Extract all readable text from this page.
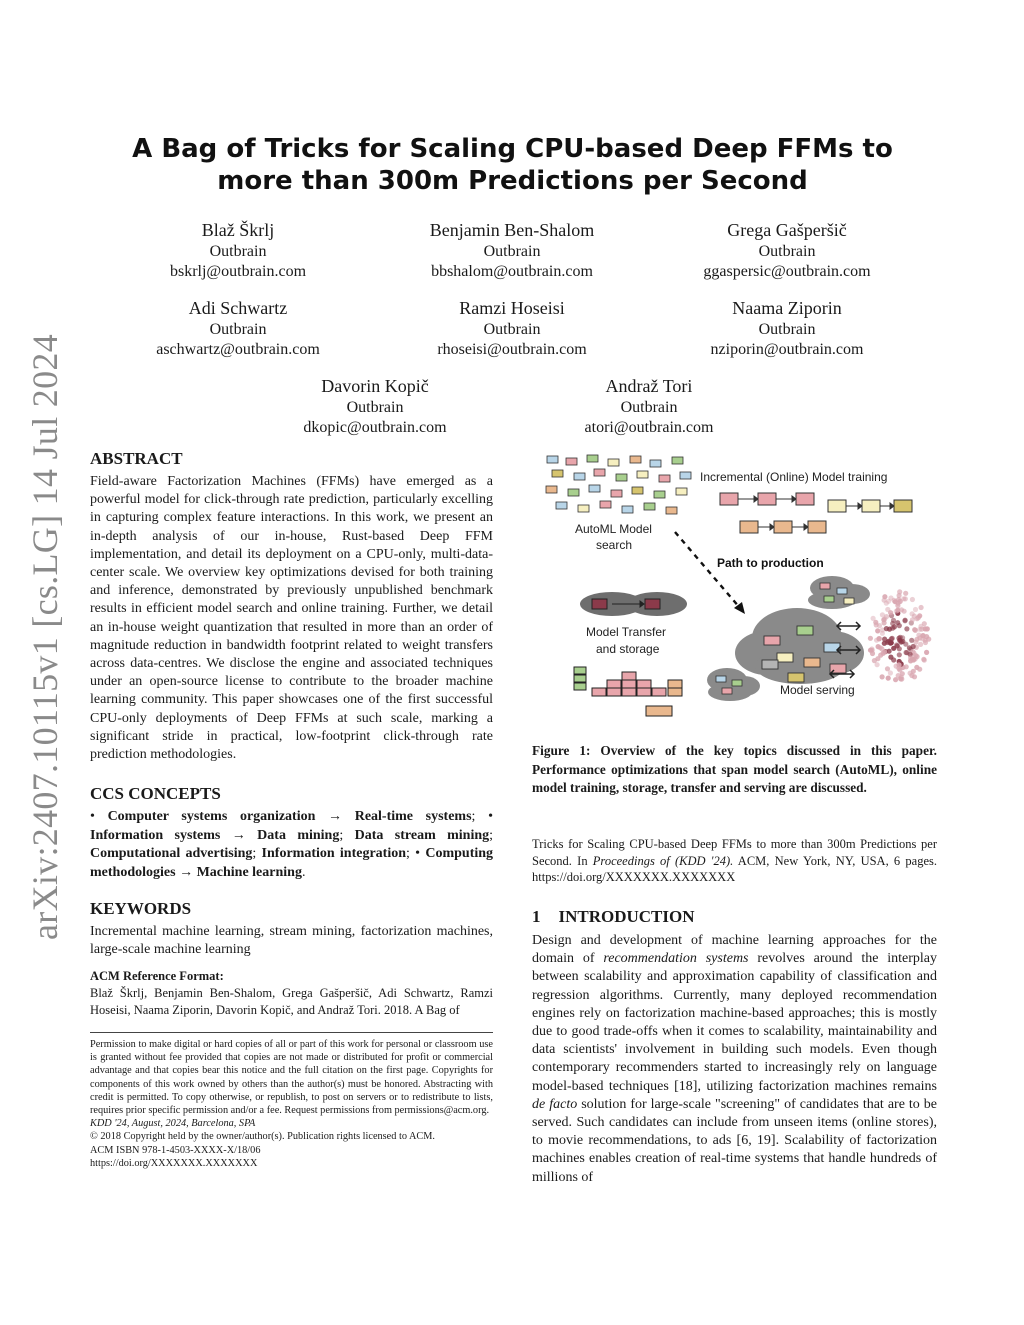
arXiv:2407.10115v1 [cs.LG] 14 Jul 2024
A Bag of Tricks for Scaling CPU-based Deep FFMs to
more than 300m Predictions per Second
Blaž Škrlj
Outbrain
bskrlj@outbrain.com
Benjamin Ben-Shalom
Outbrain
bbshalom@outbrain.com
Grega Gašperšič
Outbrain
ggaspersic@outbrain.com
Adi Schwartz
Outbrain
aschwartz@outbrain.com
Ramzi Hoseisi
Outbrain
rhoseisi@outbrain.com
Naama Ziporin
Outbrain
nziporin@outbrain.com
Davorin Kopič
Outbrain
dkopic@outbrain.com
Andraž Tori
Outbrain
atori@outbrain.com
ABSTRACT
Field-aware Factorization Machines (FFMs) have emerged as a powerful model for click-through rate prediction, particularly excelling in capturing complex feature interactions. In this work, we present an in-depth analysis of our in-house, Rust-based Deep FFM implementation, and detail its deployment on a CPU-only, multi-data-center scale. We overview key optimizations devised for both training and inference, demonstrated by previously unpublished benchmark results in efficient model search and online training. Further, we detail an in-house weight quantization that resulted in more than an order of magnitude reduction in bandwidth footprint related to weight transfers across data-centres. We disclose the engine and associated techniques under an open-source license to contribute to the broader machine learning community. This paper showcases one of the first successful CPU-only deployments of Deep FFMs at such scale, marking a significant stride in practical, low-footprint click-through rate prediction methodologies.
CCS CONCEPTS
• Computer systems organization → Real-time systems; • Information systems → Data mining; Data stream mining; Computational advertising; Information integration; • Computing methodologies → Machine learning.
KEYWORDS
Incremental machine learning, stream mining, factorization machines, large-scale machine learning
ACM Reference Format:
Blaž Škrlj, Benjamin Ben-Shalom, Grega Gašperšič, Adi Schwartz, Ramzi Hoseisi, Naama Ziporin, Davorin Kopič, and Andraž Tori. 2018. A Bag of
Permission to make digital or hard copies of all or part of this work for personal or classroom use is granted without fee provided that copies are not made or distributed for profit or commercial advantage and that copies bear this notice and the full citation on the first page. Copyrights for components of this work owned by others than the author(s) must be honored. Abstracting with credit is permitted. To copy otherwise, or republish, to post on servers or to redistribute to lists, requires prior specific permission and/or a fee. Request permissions from permissions@acm.org.
KDD '24, August, 2024, Barcelona, SPA
© 2018 Copyright held by the owner/author(s). Publication rights licensed to ACM.
ACM ISBN 978-1-4503-XXXX-X/18/06
https://doi.org/XXXXXXX.XXXXXXX
AutoML Model
search
Incremental (Online) Model training
Path to production
Model Transfer
and storage
Model serving
Figure 1: Overview of the key topics discussed in this paper. Performance optimizations that span model search (AutoML), online model training, storage, transfer and serving are discussed.
Tricks for Scaling CPU-based Deep FFMs to more than 300m Predictions per Second. In Proceedings of (KDD '24). ACM, New York, NY, USA, 6 pages. https://doi.org/XXXXXXX.XXXXXXX
1 INTRODUCTION
Design and development of machine learning approaches for the domain of recommendation systems revolves around the interplay between scalability and approximation capability of classification and regression algorithms. Currently, many deployed recommendation engines rely on factorization machine-based approaches; this is mostly due to good trade-offs when it comes to scalability, maintainability and data scientists' involvement in building such models. Even though contemporary recommenders started to increasingly rely on language model-based techniques [18], utilizing factorization machines remains de facto solution for large-scale "screening" of candidates that are to be served. Such candidates can include from unseen items (online stores), to movie recommendations, to ads [6, 19]. Scalability of factorization machines enables creation of real-time systems that handle hundreds of millions of
